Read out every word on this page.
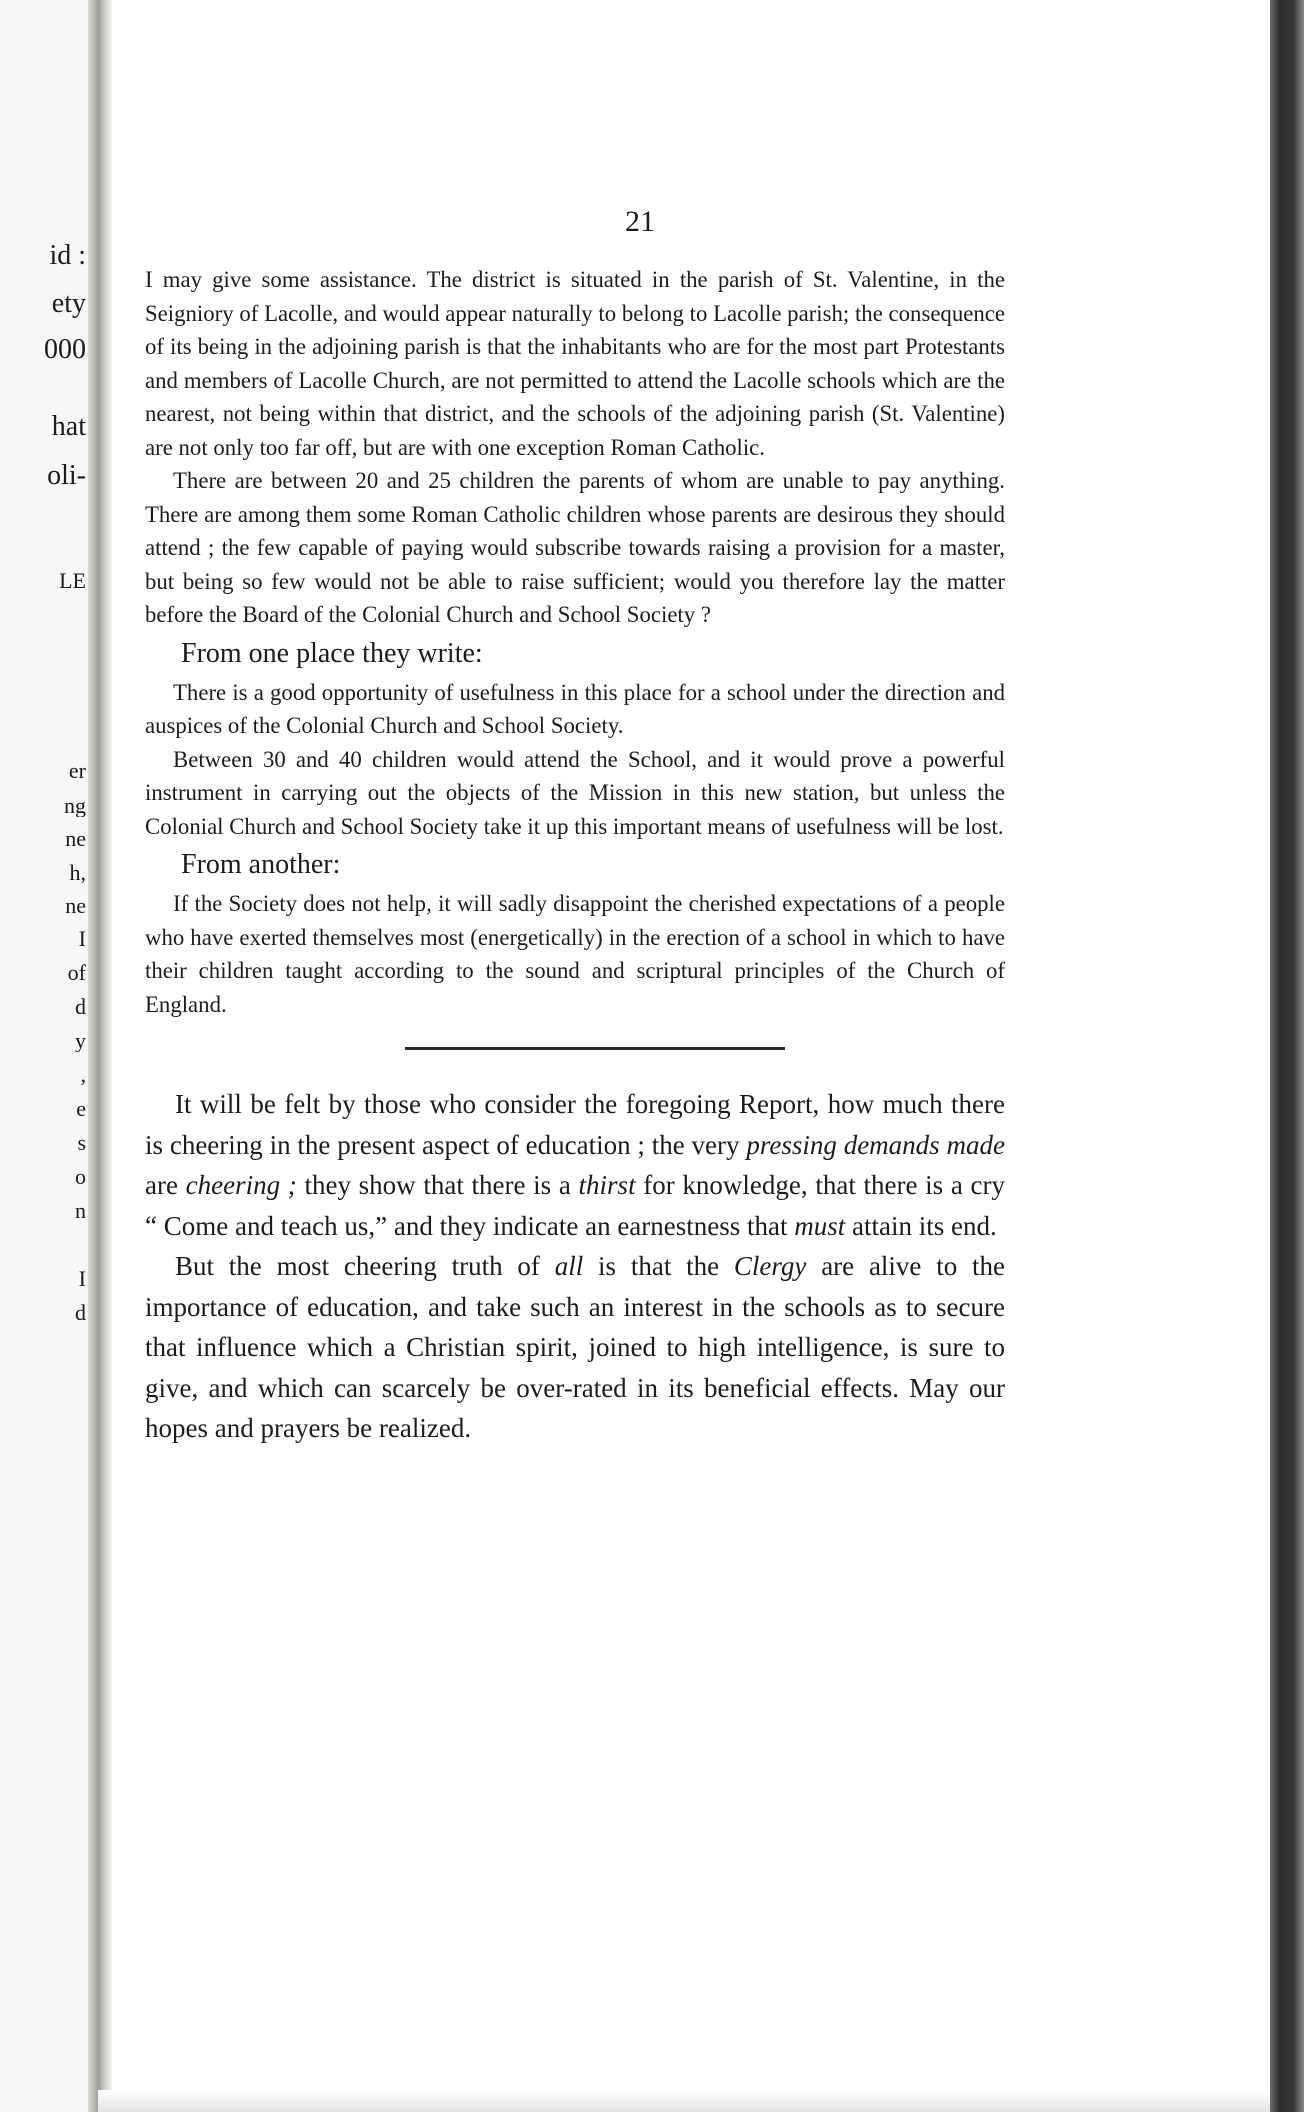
id :
ety
000
hat
oli-
LE
er
ng
ne
h,
ne
I
of
d
y
,
e
s
o
n
I
d
21

I may give some assistance. The district is situated in the parish of St. Valentine, in the Seigniory of Lacolle, and would appear naturally to belong to Lacolle parish; the consequence of its being in the adjoining parish is that the inhabitants who are for the most part Protestants and members of Lacolle Church, are not permitted to attend the Lacolle schools which are the nearest, not being within that district, and the schools of the adjoining parish (St. Valentine) are not only too far off, but are with one exception Roman Catholic.

There are between 20 and 25 children the parents of whom are unable to pay anything. There are among them some Roman Catholic children whose parents are desirous they should attend ; the few capable of paying would subscribe towards raising a provision for a master, but being so few would not be able to raise sufficient; would you therefore lay the matter before the Board of the Colonial Church and School Society ?

From one place they write:

There is a good opportunity of usefulness in this place for a school under the direction and auspices of the Colonial Church and School Society.

Between 30 and 40 children would attend the School, and it would prove a powerful instrument in carrying out the objects of the Mission in this new station, but unless the Colonial Church and School Society take it up this important means of usefulness will be lost.

From another:

If the Society does not help, it will sadly disappoint the cherished expectations of a people who have exerted themselves most (energetically) in the erection of a school in which to have their children taught according to the sound and scriptural principles of the Church of England.

It will be felt by those who consider the foregoing Report, how much there is cheering in the present aspect of education ; the very pressing demands made are cheering ; they show that there is a thirst for knowledge, that there is a cry “ Come and teach us,” and they indicate an earnestness that must attain its end.

But the most cheering truth of all is that the Clergy are alive to the importance of education, and take such an interest in the schools as to secure that influence which a Christian spirit, joined to high intelligence, is sure to give, and which can scarcely be over-rated in its beneficial effects. May our hopes and prayers be realized.
